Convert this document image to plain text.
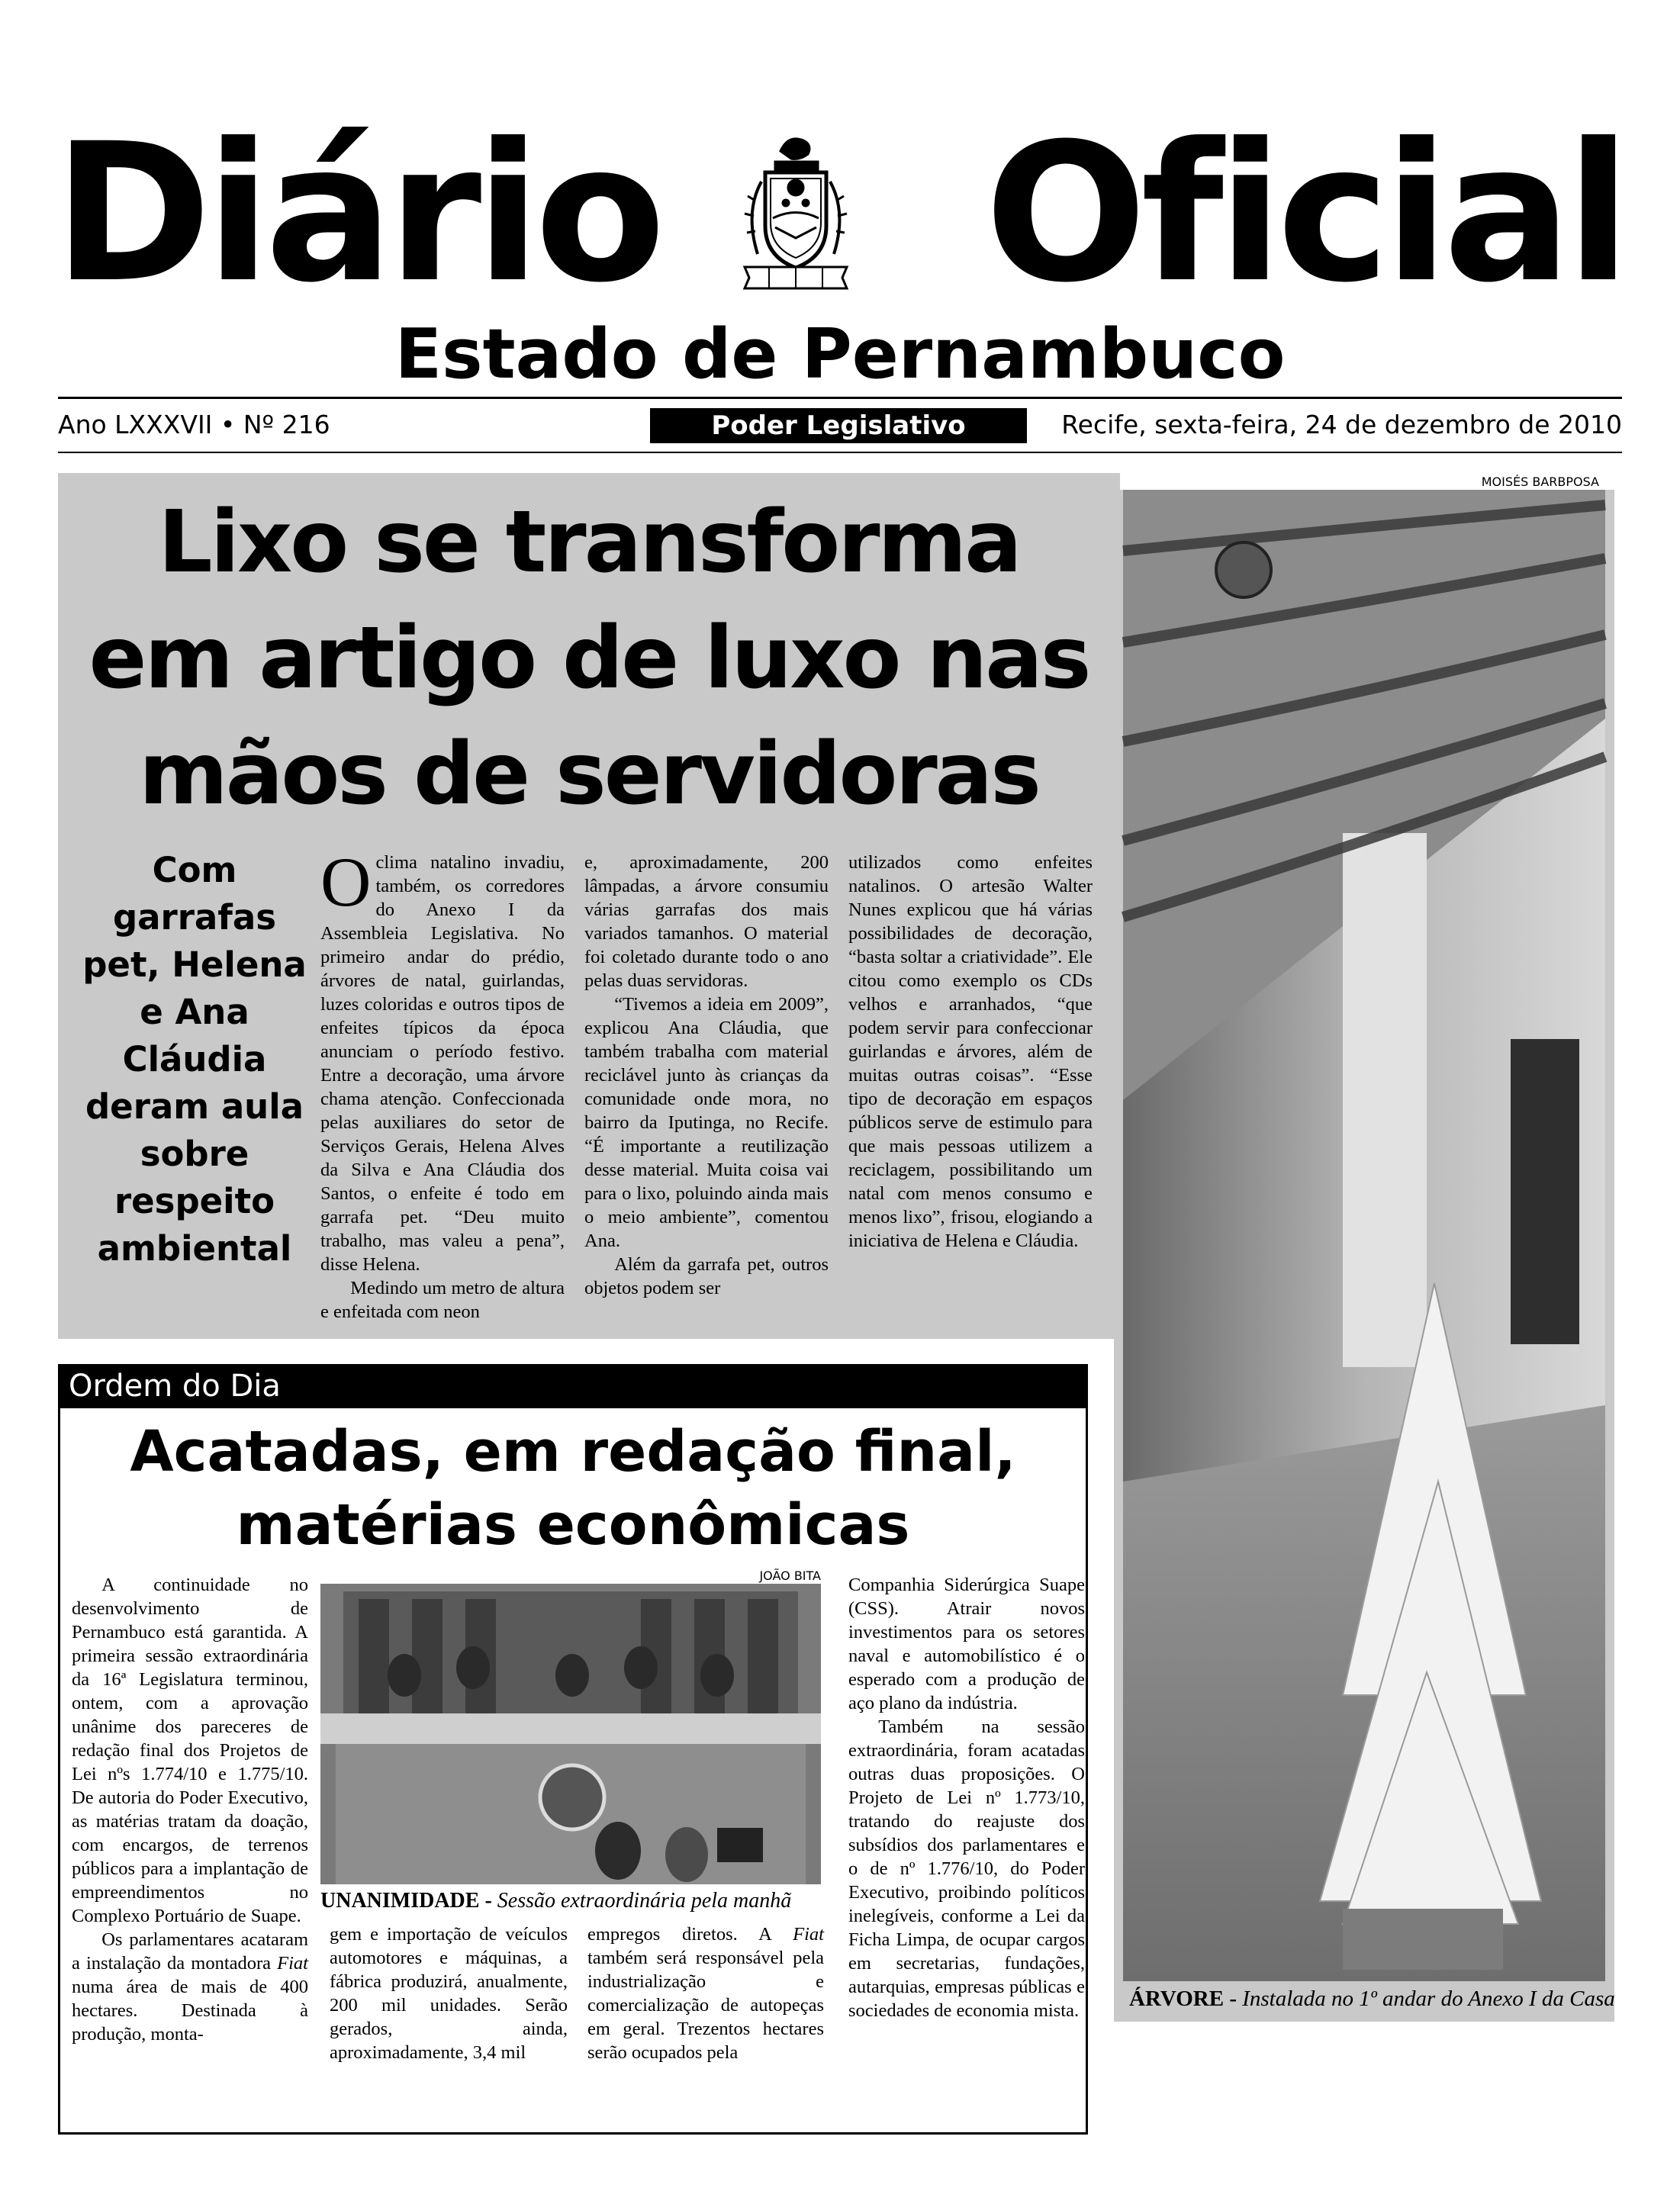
Diário Oficial
Estado de Pernambuco
Ano LXXXVII • Nº 216	Poder Legislativo	Recife, sexta-feira, 24 de dezembro de 2010
Lixo se transforma
em artigo de luxo nas
mãos de servidoras
Com garrafas pet, Helena e Ana Cláudia deram aula sobre respeito ambiental

Oclima natalino invadiu, também, os corredores do Anexo I da Assembleia Legislativa. No primeiro andar do prédio, árvores de natal, guirlandas, luzes coloridas e outros tipos de enfeites típicos da época anunciam o período festivo. Entre a decoração, uma árvore chama atenção. Confeccionada pelas auxiliares do setor de Serviços Gerais, Helena Alves da Silva e Ana Cláudia dos Santos, o enfeite é todo em garrafa pet. “Deu muito trabalho, mas valeu a pena”, disse Helena.

Medindo um metro de altura e enfeitada com neon

e, aproximadamente, 200 lâmpadas, a árvore consumiu várias garrafas dos mais variados tamanhos. O material foi coletado durante todo o ano pelas duas servidoras.

“Tivemos a ideia em 2009”, explicou Ana Cláudia, que também trabalha com material reciclável junto às crianças da comunidade onde mora, no bairro da Iputinga, no Recife. “É importante a reutilização desse material. Muita coisa vai para o lixo, poluindo ainda mais o meio ambiente”, comentou Ana.

Além da garrafa pet, outros objetos podem ser

utilizados como enfeites natalinos. O artesão Walter Nunes explicou que há várias possibilidades de decoração, “basta soltar a criatividade”. Ele citou como exemplo os CDs velhos e arranhados, “que podem servir para confeccionar guirlandas e árvores, além de muitas outras coisas”. “Esse tipo de decoração em espaços públicos serve de estimulo para que mais pessoas utilizem a reciclagem, possibilitando um natal com menos consumo e menos lixo”, frisou, elogiando a iniciativa de Helena e Cláudia.

MOISÉS BARBPOSA
ÁRVORE - Instalada no 1º andar do Anexo I da Casa
Ordem do Dia
Acatadas, em redação final,
matérias econômicas

A continuidade no desenvolvimento de Pernambuco está garantida. A primeira sessão extraordinária da 16ª Legislatura terminou, ontem, com a aprovação unânime dos pareceres de redação final dos Projetos de Lei nºs 1.774/10 e 1.775/10. De autoria do Poder Executivo, as matérias tratam da doação, com encargos, de terrenos públicos para a implantação de empreendimentos no Complexo Portuário de Suape.

Os parlamentares acataram a instalação da montadora Fiat numa área de mais de 400 hectares. Destinada à produção, monta-

JOÃO BITA
UNANIMIDADE - Sessão extraordinária pela manhã

gem e importação de veículos automotores e máquinas, a fábrica produzirá, anualmente, 200 mil unidades. Serão gerados, ainda, aproximadamente, 3,4 mil

empregos diretos. A Fiat também será responsável pela industrialização e comercialização de autopeças em geral. Trezentos hectares serão ocupados pela

Companhia Siderúrgica Suape (CSS). Atrair novos investimentos para os setores naval e automobilístico é o esperado com a produção de aço plano da indústria.

Também na sessão extraordinária, foram acatadas outras duas proposições. O Projeto de Lei nº 1.773/10, tratando do reajuste dos subsídios dos parlamentares e o de nº 1.776/10, do Poder Executivo, proibindo políticos inelegíveis, conforme a Lei da Ficha Limpa, de ocupar cargos em secretarias, fundações, autarquias, empresas públicas e sociedades de economia mista.
